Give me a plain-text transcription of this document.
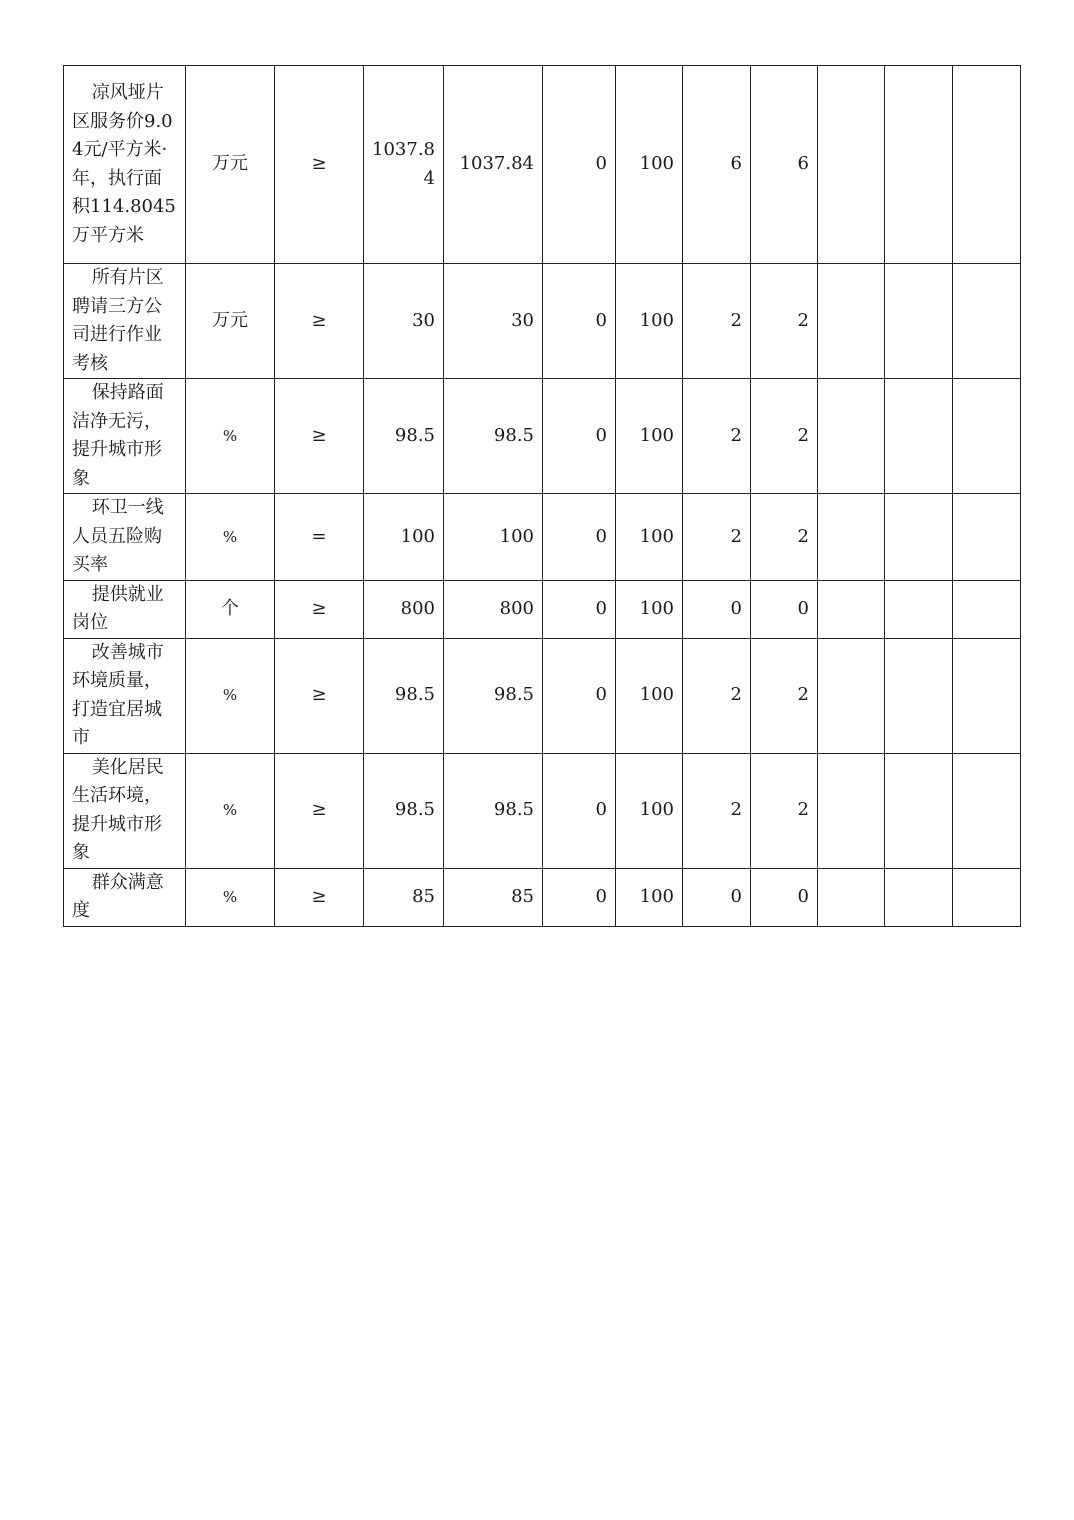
凉风垭片区服务价9.04元/平方米·年，执行面积114.8045万平方米	万元	≥	1037.84	1037.84	0	100	6	6			

所有片区聘请三方公司进行作业考核	万元	≥	30	30	0	100	2	2			

保持路面洁净无污，提升城市形象	%	≥	98.5	98.5	0	100	2	2			

环卫一线人员五险购买率	%	=	100	100	0	100	2	2			

提供就业岗位	个	≥	800	800	0	100	0	0			

改善城市环境质量，打造宜居城市	%	≥	98.5	98.5	0	100	2	2			

美化居民生活环境，提升城市形象	%	≥	98.5	98.5	0	100	2	2			

群众满意度	%	≥	85	85	0	100	0	0			
